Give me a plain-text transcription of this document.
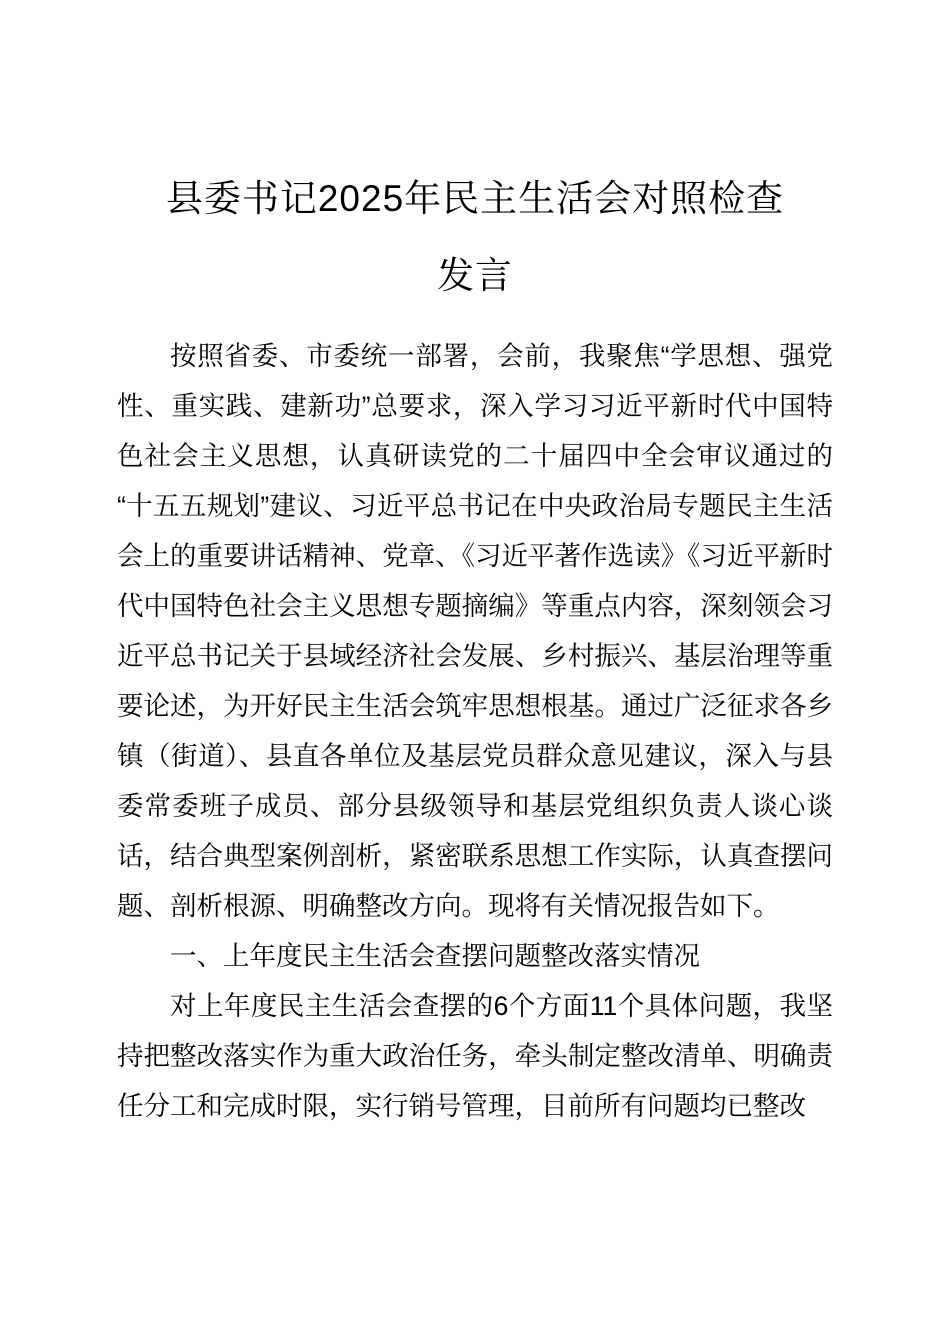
县委书记2025年民主生活会对照检查
发言

按照省委、市委统一部署，会前，我聚焦“学思想、强党性、重实践、建新功”总要求，深入学习习近平新时代中国特色社会主义思想，认真研读党的二十届四中全会审议通过的“十五五规划”建议、习近平总书记在中央政治局专题民主生活会上的重要讲话精神、党章、《习近平著作选读》《习近平新时代中国特色社会主义思想专题摘编》等重点内容，深刻领会习近平总书记关于县域经济社会发展、乡村振兴、基层治理等重要论述，为开好民主生活会筑牢思想根基。通过广泛征求各乡镇（街道）、县直各单位及基层党员群众意见建议，深入与县委常委班子成员、部分县级领导和基层党组织负责人谈心谈话，结合典型案例剖析，紧密联系思想工作实际，认真查摆问题、剖析根源、明确整改方向。现将有关情况报告如下。

一、上年度民主生活会查摆问题整改落实情况

对上年度民主生活会查摆的6个方面11个具体问题，我坚持把整改落实作为重大政治任务，牵头制定整改清单、明确责任分工和完成时限，实行销号管理，目前所有问题均已整改
